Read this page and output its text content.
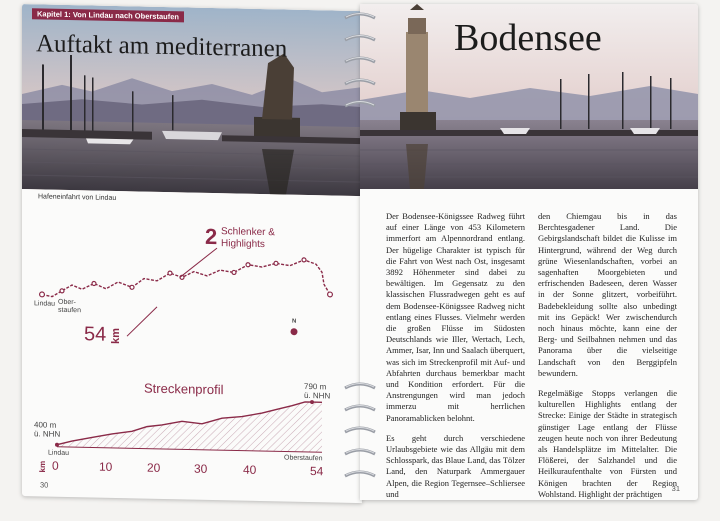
Kapitel 1: Von Lindau nach Oberstaufen
Auftakt am mediterranen
Hafeneinfahrt von Lindau
2 Schlenker &
Highlights
54 km
Lindau Ober-
staufen
N
Streckenprofil
400 m
ü. NHN
790 m
ü. NHN
Lindau
Oberstaufen
km 0	10	20	30	40	54
30
Bodensee

Der Bodensee-Königssee Radweg führt auf einer Länge von 453 Kilometern immerfort am Alpennordrand entlang. Der hügelige Charakter ist typisch für die Fahrt von West nach Ost, insgesamt 3892 Höhenmeter sind dabei zu bewältigen. Im Gegensatz zu den klassischen Flussradwegen geht es auf dem Bodensee-Königssee Radweg nicht entlang eines Flusses. Vielmehr werden die großen Flüsse im Südosten Deutschlands wie Iller, Wertach, Lech, Ammer, Isar, Inn und Saalach überquert, was sich im Streckenprofil mit Auf- und Abfahrten durchaus bemerkbar macht und Kondition erfordert. Für die Anstrengungen wird man jedoch immerzu mit herrlichen Panoramablicken belohnt.

Es geht durch verschiedene Urlaubsgebiete wie das Allgäu mit dem Schlosspark, das Blaue Land, das Tölzer Land, den Naturpark Ammergauer Alpen, die Region Tegernsee–Schliersee und

den Chiemgau bis in das Berchtesgadener Land. Die Gebirgslandschaft bildet die Kulisse im Hintergrund, während der Weg durch grüne Wiesenlandschaften, vorbei an sagenhaften Moorgebieten und erfrischenden Badeseen, deren Wasser in der Sonne glitzert, vorbeiführt. Badebekleidung sollte also unbedingt mit ins Gepäck! Wer zwischendurch noch hinaus möchte, kann eine der Berg- und Seilbahnen nehmen und das Panorama über die vielseitige Landschaft von den Berggipfeln bewundern.

Regelmäßige Stopps verlangen die kulturellen Highlights entlang der Strecke: Einige der Städte in strategisch günstiger Lage entlang der Flüsse zeugen heute noch von ihrer Bedeutung als Handelsplätze im Mittelalter. Die Flößerei, der Salzhandel und die Heilkuraufenthalte von Fürsten und Königen brachten der Region Wohlstand. Highlight der prächtigen

31
